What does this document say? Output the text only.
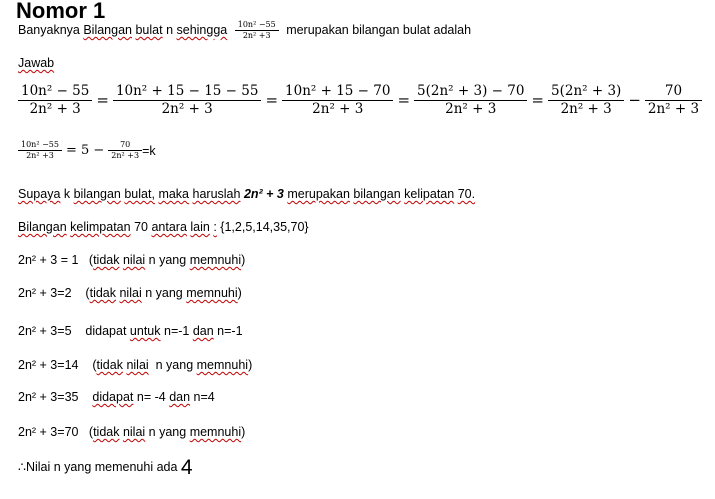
Nomor 1
Banyaknya Bilangan bulat n sehingga $\frac{\text{10n² −55}}{\text{2n² +3}}$ merupakan bilangan bulat adalah
Jawab
$\frac{\text{10n² − 55}}{\text{2n² + 3}} = \frac{\text{10n² + 15 − 15 − 55}}{\text{2n² + 3}} = \frac{\text{10n² + 15 − 70}}{\text{2n² + 3}} = \frac{\text{5(2n² + 3) − 70}}{\text{2n² + 3}} = \frac{\text{5(2n² + 3)}}{\text{2n² + 3}} - \frac{70}{\text{2n² + 3}}$
$\frac{\text{10n² −55}}{\text{2n² +3}} = 5 - \frac{70}{\text{2n² +3}} =k$
Supaya k bilangan bulat, maka haruslah 2n² + 3 merupakan bilangan kelipatan 70.
Bilangan kelimpatan 70 antara lain : {1,2,5,14,35,70}
2n² + 3 = 1 (tidak nilai n yang memnuhi)
2n² + 3=2 (tidak nilai n yang memnuhi)
2n² + 3=5 didapat untuk n=-1 dan n=-1
2n² + 3=14 (tidak nilai  n yang memnuhi)
2n² + 3=35 didapat n= -4 dan n=4
2n² + 3=70 (tidak nilai n yang memnuhi)
∴Nilai n yang memenuhi ada 4
